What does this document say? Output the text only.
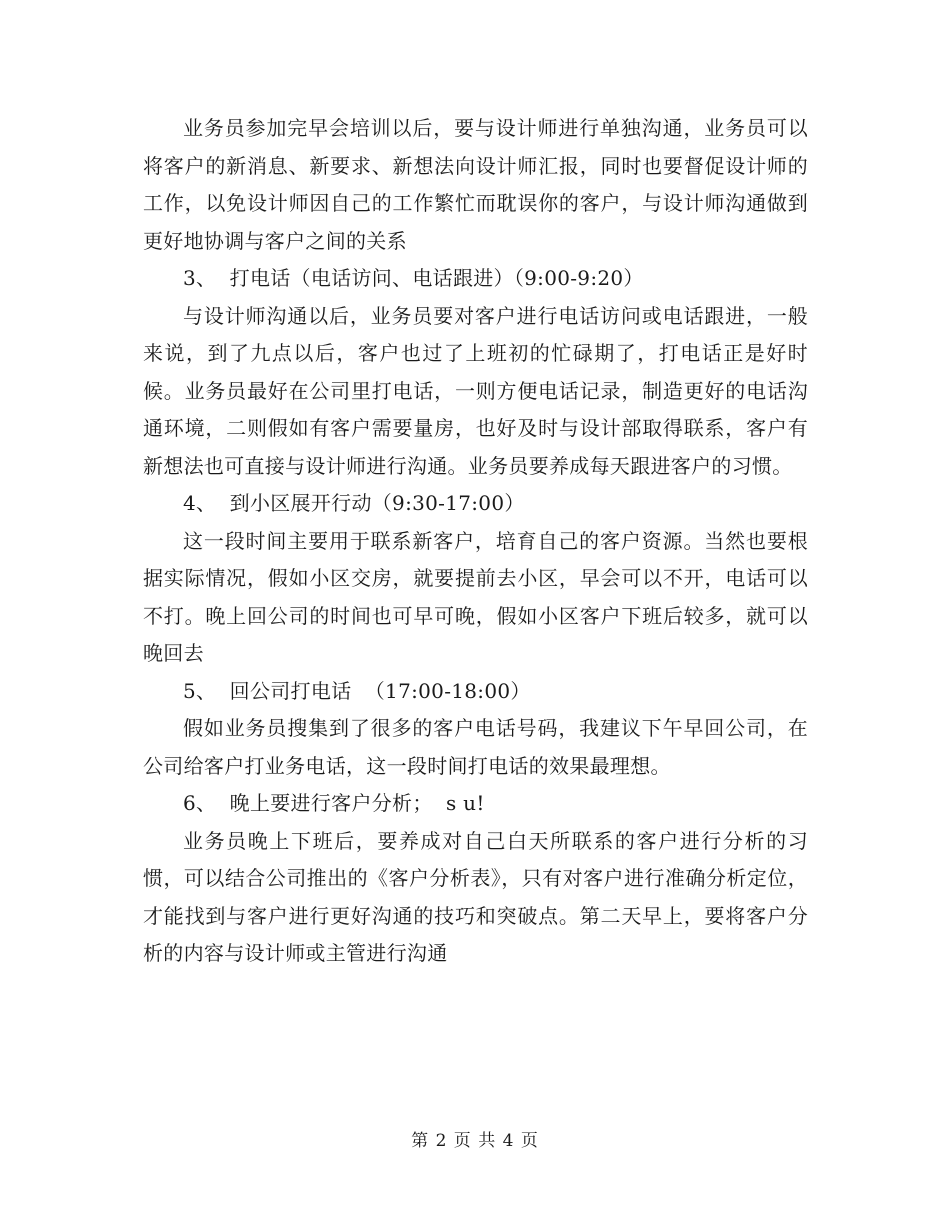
业务员参加完早会培训以后，要与设计师进行单独沟通，业务员可以将客户的新消息、新要求、新想法向设计师汇报，同时也要督促设计师的工作，以免设计师因自己的工作繁忙而耽误你的客户，与设计师沟通做到更好地协调与客户之间的关系

3、  打电话（电话访问、电话跟进）（9:00-9:20）

与设计师沟通以后，业务员要对客户进行电话访问或电话跟进，一般来说，到了九点以后，客户也过了上班初的忙碌期了，打电话正是好时候。业务员最好在公司里打电话，一则方便电话记录，制造更好的电话沟通环境，二则假如有客户需要量房，也好及时与设计部取得联系，客户有新想法也可直接与设计师进行沟通。业务员要养成每天跟进客户的习惯。

4、  到小区展开行动（9:30-17:00）

这一段时间主要用于联系新客户，培育自己的客户资源。当然也要根据实际情况，假如小区交房，就要提前去小区，早会可以不开，电话可以不打。晚上回公司的时间也可早可晚，假如小区客户下班后较多，就可以晚回去

5、  回公司打电话  （17:00-18:00）

假如业务员搜集到了很多的客户电话号码，我建议下午早回公司，在公司给客户打业务电话，这一段时间打电话的效果最理想。

6、  晚上要进行客户分析；  s u!

业务员晚上下班后，要养成对自己白天所联系的客户进行分析的习惯，可以结合公司推出的《客户分析表》，只有对客户进行准确分析定位，才能找到与客户进行更好沟通的技巧和突破点。第二天早上，要将客户分析的内容与设计师或主管进行沟通

第 2 页 共 4 页
